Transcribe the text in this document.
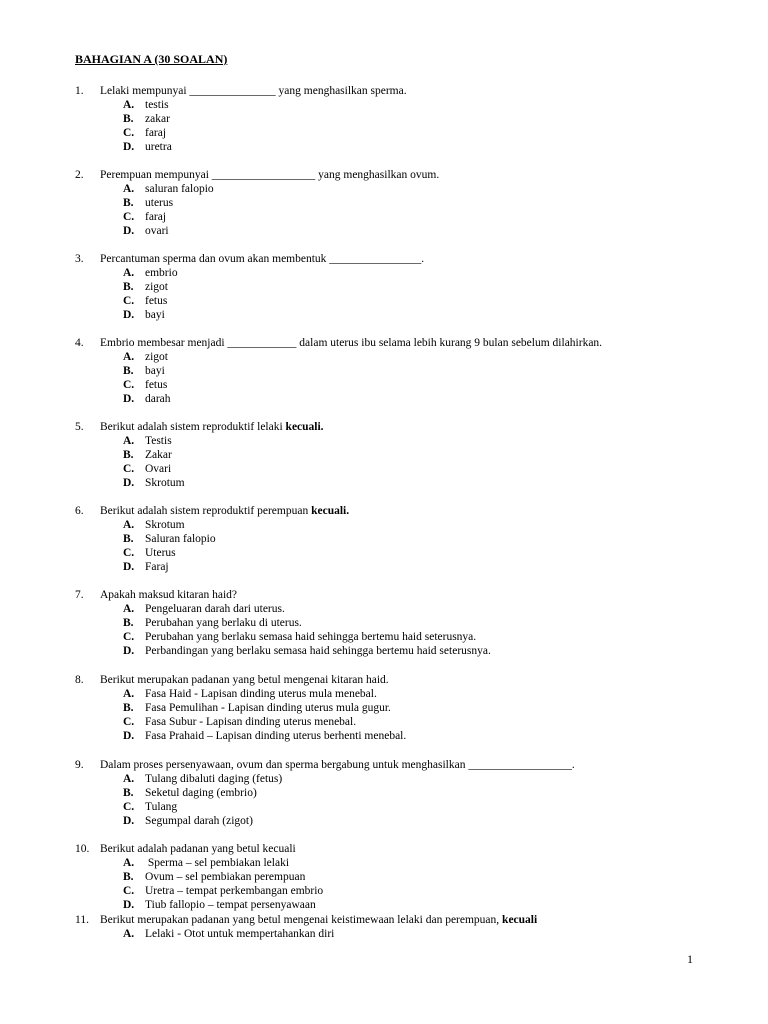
BAHAGIAN A (30 SOALAN)
1. Lelaki mempunyai _______________ yang menghasilkan sperma.
A. testis
B. zakar
C. faraj
D. uretra
2. Perempuan mempunyai __________________ yang menghasilkan ovum.
A. saluran falopio
B. uterus
C. faraj
D. ovari
3. Percantuman sperma dan ovum akan membentuk ________________.
A. embrio
B. zigot
C. fetus
D. bayi
4. Embrio membesar menjadi ____________ dalam uterus ibu selama lebih kurang 9 bulan sebelum dilahirkan.
A. zigot
B. bayi
C. fetus
D. darah
5. Berikut adalah sistem reproduktif lelaki kecuali.
A. Testis
B. Zakar
C. Ovari
D. Skrotum
6. Berikut adalah sistem reproduktif perempuan kecuali.
A. Skrotum
B. Saluran falopio
C. Uterus
D. Faraj
7. Apakah maksud kitaran haid?
A. Pengeluaran darah dari uterus.
B. Perubahan yang berlaku di uterus.
C. Perubahan yang berlaku semasa haid sehingga bertemu haid seterusnya.
D. Perbandingan yang berlaku semasa haid sehingga bertemu haid seterusnya.
8. Berikut merupakan padanan yang betul mengenai kitaran haid.
A. Fasa Haid - Lapisan dinding uterus mula menebal.
B. Fasa Pemulihan - Lapisan dinding uterus mula gugur.
C. Fasa Subur - Lapisan dinding uterus menebal.
D. Fasa Prahaid – Lapisan dinding uterus berhenti menebal.
9. Dalam proses persenyawaan, ovum dan sperma bergabung untuk menghasilkan __________________.
A. Tulang dibaluti daging (fetus)
B. Seketul daging (embrio)
C. Tulang
D. Segumpal darah (zigot)
10. Berikut adalah padanan yang betul kecuali
A. Sperma – sel pembiakan lelaki
B. Ovum – sel pembiakan perempuan
C. Uretra – tempat perkembangan embrio
D. Tiub fallopio – tempat persenyawaan
11. Berikut merupakan padanan yang betul mengenai keistimewaan lelaki dan perempuan, kecuali
A. Lelaki - Otot untuk mempertahankan diri
1
